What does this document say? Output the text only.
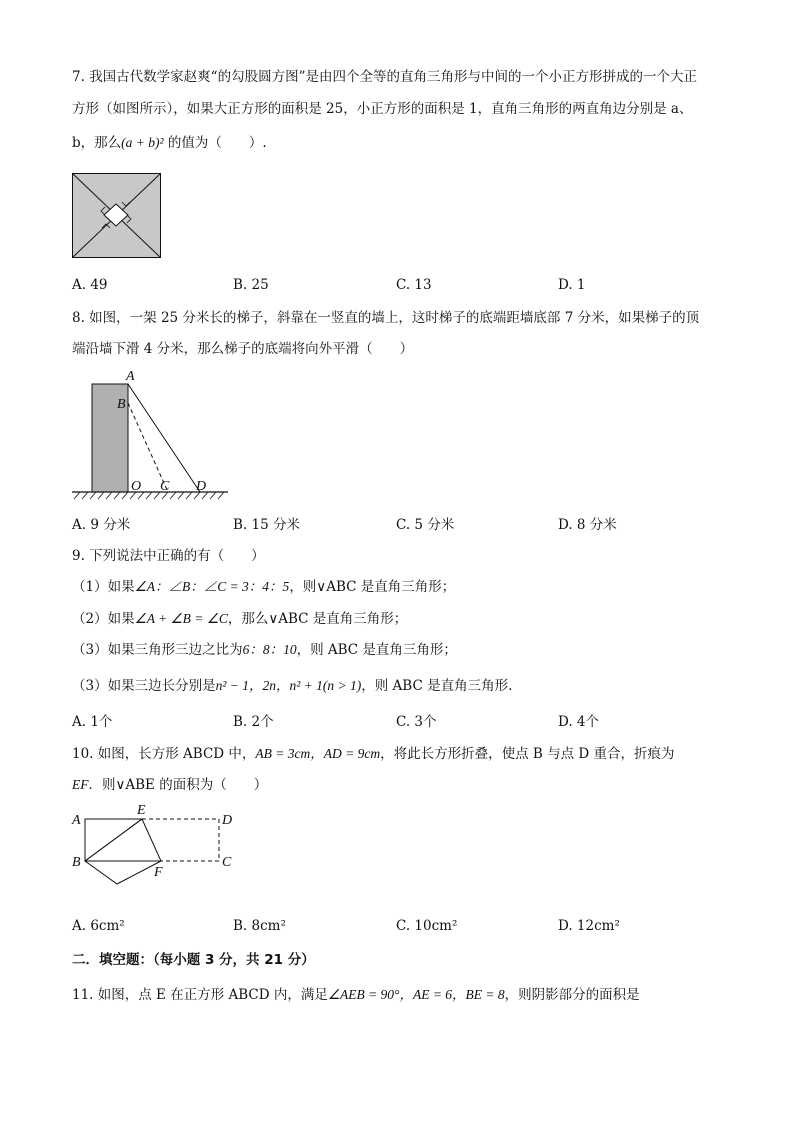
7. 我国古代数学家赵爽“的勾股圆方图”是由四个全等的直角三角形与中间的一个小正方形拼成的一个大正
方形（如图所示），如果大正方形的面积是 25，小正方形的面积是 1，直角三角形的两直角边分别是 a、
b，那么(a + b)² 的值为（　　）.
A. 49	B. 25	C. 13	D. 1
8. 如图，一架 25 分米长的梯子，斜靠在一竖直的墙上，这时梯子的底端距墙底部 7 分米，如果梯子的顶
端沿墙下滑 4 分米，那么梯子的底端将向外平滑（　　）
A
B
O C D
A. 9 分米	B. 15 分米	C. 5 分米	D. 8 分米
9. 下列说法中正确的有（　　）
（1）如果∠A：∠B：∠C = 3：4：5，则∨ABC 是直角三角形；
（2）如果∠A + ∠B = ∠C，那么∨ABC 是直角三角形；
（3）如果三角形三边之比为6：8：10，则 ABC 是直角三角形；
（3）如果三边长分别是n² − 1，2n，n² + 1(n > 1)，则 ABC 是直角三角形.
A. 1个	B. 2个	C. 3个	D. 4个
10. 如图，长方形 ABCD 中，AB = 3cm，AD = 9cm，将此长方形折叠，使点 B 与点 D 重合，折痕为
EF．则∨ABE 的面积为（　　）
A
E
D
B
F
C
A. 6cm²	B. 8cm²	C. 10cm²	D. 12cm²
二．填空题：（每小题 3 分，共 21 分）
11. 如图，点 E 在正方形 ABCD 内，满足∠AEB = 90°，AE = 6，BE = 8，则阴影部分的面积是
